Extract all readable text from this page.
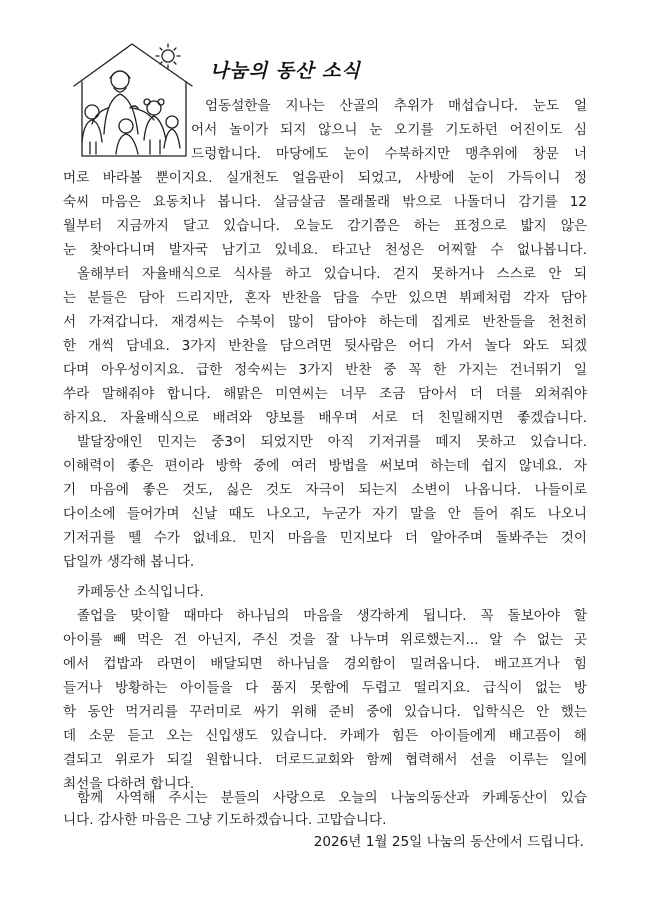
나눔의 동산 소식
엄동설한을 지나는 산골의 추위가 매섭습니다. 눈도 얼
어서 놀이가 되지 않으니 눈 오기를 기도하던 어진이도 심
드렁합니다. 마당에도 눈이 수북하지만 맹추위에 창문 너
머로 바라볼 뿐이지요. 실개천도 얼음판이 되었고, 사방에 눈이 가득이니 정
숙씨 마음은 요동치나 봅니다. 살금살금 몰래몰래 밖으로 나돌더니 감기를 12
월부터 지금까지 달고 있습니다. 오늘도 감기쯤은 하는 표정으로 밟지 않은
눈 찾아다니며 발자국 남기고 있네요. 타고난 천성은 어찌할 수 없나봅니다.
올해부터 자율배식으로 식사를 하고 있습니다. 걷지 못하거나 스스로 안 되
는 분들은 담아 드리지만, 혼자 반찬을 담을 수만 있으면 뷔페처럼 각자 담아
서 가져갑니다. 재경씨는 수북이 많이 담아야 하는데 집게로 반찬들을 천천히
한 개씩 담네요. 3가지 반찬을 담으려면 뒷사람은 어디 가서 놀다 와도 되겠
다며 아우성이지요. 급한 정숙씨는 3가지 반찬 중 꼭 한 가지는 건너뛰기 일
쑤라 말해줘야 합니다. 해맑은 미연씨는 너무 조금 담아서 더 더를 외쳐줘야
하지요. 자율배식으로 배려와 양보를 배우며 서로 더 친밀해지면 좋겠습니다.
발달장애인 민지는 중3이 되었지만 아직 기저귀를 떼지 못하고 있습니다.
이해력이 좋은 편이라 방학 중에 여러 방법을 써보며 하는데 쉽지 않네요. 자
기 마음에 좋은 것도, 싫은 것도 자극이 되는지 소변이 나옵니다. 나들이로
다이소에 들어가며 신날 때도 나오고, 누군가 자기 말을 안 들어 줘도 나오니
기저귀를 뗄 수가 없네요. 민지 마음을 민지보다 더 알아주며 돌봐주는 것이
답일까 생각해 봅니다.
카페동산 소식입니다.
졸업을 맞이할 때마다 하나님의 마음을 생각하게 됩니다. 꼭 돌보아야 할
아이를 빼 먹은 건 아닌지, 주신 것을 잘 나누며 위로했는지... 알 수 없는 곳
에서 컵밥과 라면이 배달되면 하나님을 경외함이 밀려옵니다. 배고프거나 힘
들거나 방황하는 아이들을 다 품지 못함에 두렵고 떨리지요. 급식이 없는 방
학 동안 먹거리를 꾸러미로 싸기 위해 준비 중에 있습니다. 입학식은 안 했는
데 소문 듣고 오는 신입생도 있습니다. 카페가 힘든 아이들에게 배고픔이 해
결되고 위로가 되길 원합니다. 더로드교회와 함께 협력해서 선을 이루는 일에
최선을 다하려 합니다.
함께 사역해 주시는 분들의 사랑으로 오늘의 나눔의동산과 카페동산이 있습
니다. 감사한 마음은 그냥 기도하겠습니다. 고맙습니다.
2026년 1월 25일 나눔의 동산에서 드립니다.
